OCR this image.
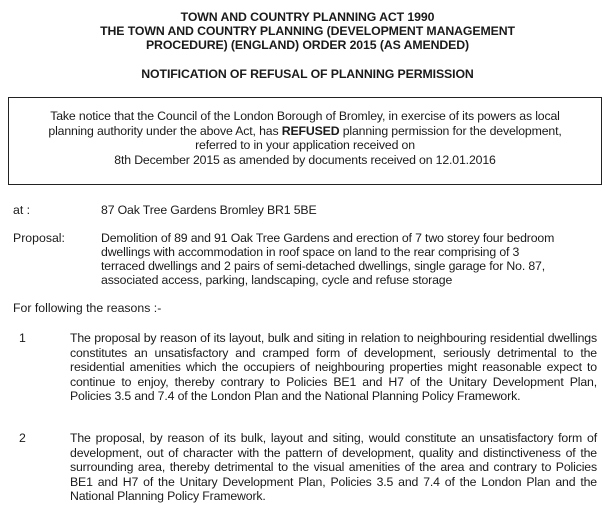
TOWN AND COUNTRY PLANNING ACT 1990
THE TOWN AND COUNTRY PLANNING (DEVELOPMENT MANAGEMENT
PROCEDURE) (ENGLAND) ORDER 2015 (AS AMENDED)
NOTIFICATION OF REFUSAL OF PLANNING PERMISSION
Take notice that the Council of the London Borough of Bromley, in exercise of its powers as local
planning authority under the above Act, has REFUSED planning permission for the development,
referred to in your application received on
8th December 2015 as amended by documents received on 12.01.2016
at :	87 Oak Tree Gardens Bromley BR1 5BE
Proposal:	Demolition of 89 and 91 Oak Tree Gardens and erection of 7 two storey four bedroom
dwellings with accommodation in roof space on land to the rear comprising of 3
terraced dwellings and 2 pairs of semi-detached dwellings, single garage for No. 87,
associated access, parking, landscaping, cycle and refuse storage
For following the reasons :-
1	The proposal by reason of its layout, bulk and siting in relation to neighbouring residential dwellings constitutes an unsatisfactory and cramped form of development, seriously detrimental to the residential amenities which the occupiers of neighbouring properties might reasonable expect to continue to enjoy, thereby contrary to Policies BE1 and H7 of the Unitary Development Plan, Policies 3.5 and 7.4 of the London Plan and the National Planning Policy Framework.
2	The proposal, by reason of its bulk, layout and siting, would constitute an unsatisfactory form of development, out of character with the pattern of development, quality and distinctiveness of the surrounding area, thereby detrimental to the visual amenities of the area and contrary to Policies BE1 and H7 of the Unitary Development Plan, Policies 3.5 and 7.4 of the London Plan and the National Planning Policy Framework.
